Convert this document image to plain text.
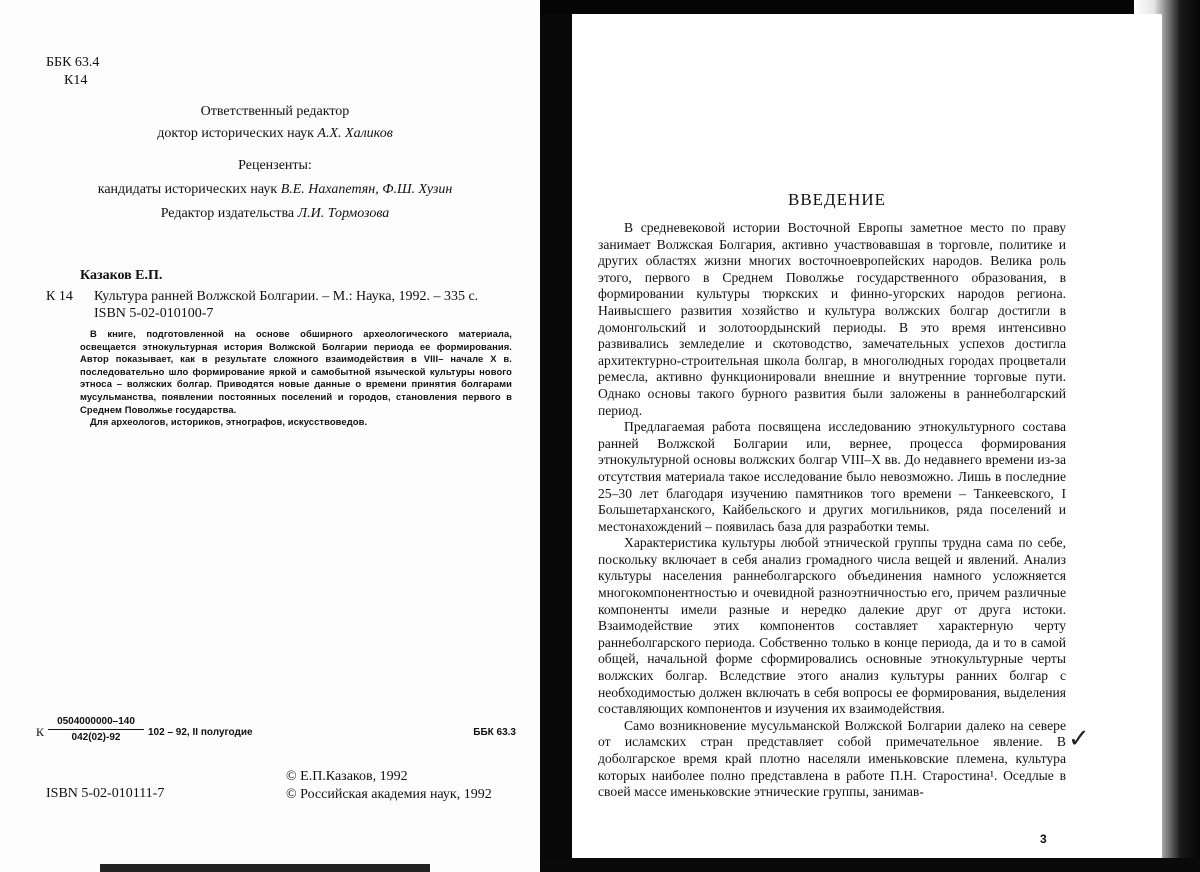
ББК 63.4
К14
Ответственный редактор
доктор исторических наук А.Х. Халиков
Рецензенты:
кандидаты исторических наук В.Е. Нахапетян, Ф.Ш. Хузин
Редактор издательства Л.И. Тормозова
Казаков Е.П.
К 14 Культура ранней Волжской Болгарии. – М.: Наука, 1992. – 335 с.
ISBN 5-02-010100-7

В книге, подготовленной на основе обширного археологического материала, освещается этнокультурная история Волжской Болгарии периода ее формирования. Автор показывает, как в результате сложного взаимодействия в VIII– начале X в. последовательно шло формирование яркой и самобытной языческой культуры нового этноса – волжских болгар. Приводятся новые данные о времени принятия болгарами мусульманства, появлении постоянных поселений и городов, становления первого в Среднем Поволжье государства.

Для археологов, историков, этнографов, искусствоведов.

К $\frac{0504000000-140}{042(02)-92} 102 - 92$, II полугодие	ББК 63.3
ISBN 5-02-010111-7
© Е.П.Казаков, 1992
© Российская академия наук, 1992
ВВЕДЕНИЕ

В средневековой истории Восточной Европы заметное место по праву занимает Волжская Болгария, активно участвовавшая в торговле, политике и других областях жизни многих восточноевропейских народов. Велика роль этого, первого в Среднем Поволжье государственного образования, в формировании культуры тюркских и финно-угорских народов региона. Наивысшего развития хозяйство и культура волжских болгар достигли в домонгольский и золотоордынский периоды. В это время интенсивно развивались земледелие и скотоводство, замечательных успехов достигла архитектурно-строительная школа болгар, в многолюдных городах процветали ремесла, активно функционировали внешние и внутренние торговые пути. Однако основы такого бурного развития были заложены в раннеболгарский период.

Предлагаемая работа посвящена исследованию этнокультурного состава ранней Волжской Болгарии или, вернее, процесса формирования этнокультурной основы волжских болгар VIII–X вв. До недавнего времени из-за отсутствия материала такое исследование было невозможно. Лишь в последние 25–30 лет благодаря изучению памятников того времени – Танкеевского, I Большетарханского, Кайбельского и других могильников, ряда поселений и местонахождений – появилась база для разработки темы.

Характеристика культуры любой этнической группы трудна сама по себе, поскольку включает в себя анализ громадного числа вещей и явлений. Анализ культуры населения раннеболгарского объединения намного усложняется многокомпонентностью и очевидной разноэтничностью его, причем различные компоненты имели разные и нередко далекие друг от друга истоки. Взаимодействие этих компонентов составляет характерную черту раннеболгарского периода. Собственно только в конце периода, да и то в самой общей, начальной форме сформировались основные этнокультурные черты волжских болгар. Вследствие этого анализ культуры ранних болгар с необходимостью должен включать в себя вопросы ее формирования, выделения составляющих компонентов и изучения их взаимодействия.

Само возникновение мусульманской Волжской Болгарии далеко на севере от исламских стран представляет собой примечательное явление. В доболгарское время край плотно населяли именьковские племена, культура которых наиболее полно представлена в работе П.Н. Старостина¹. Оседлые в своей массе именьковские этнические группы, занимав-

3
✓
